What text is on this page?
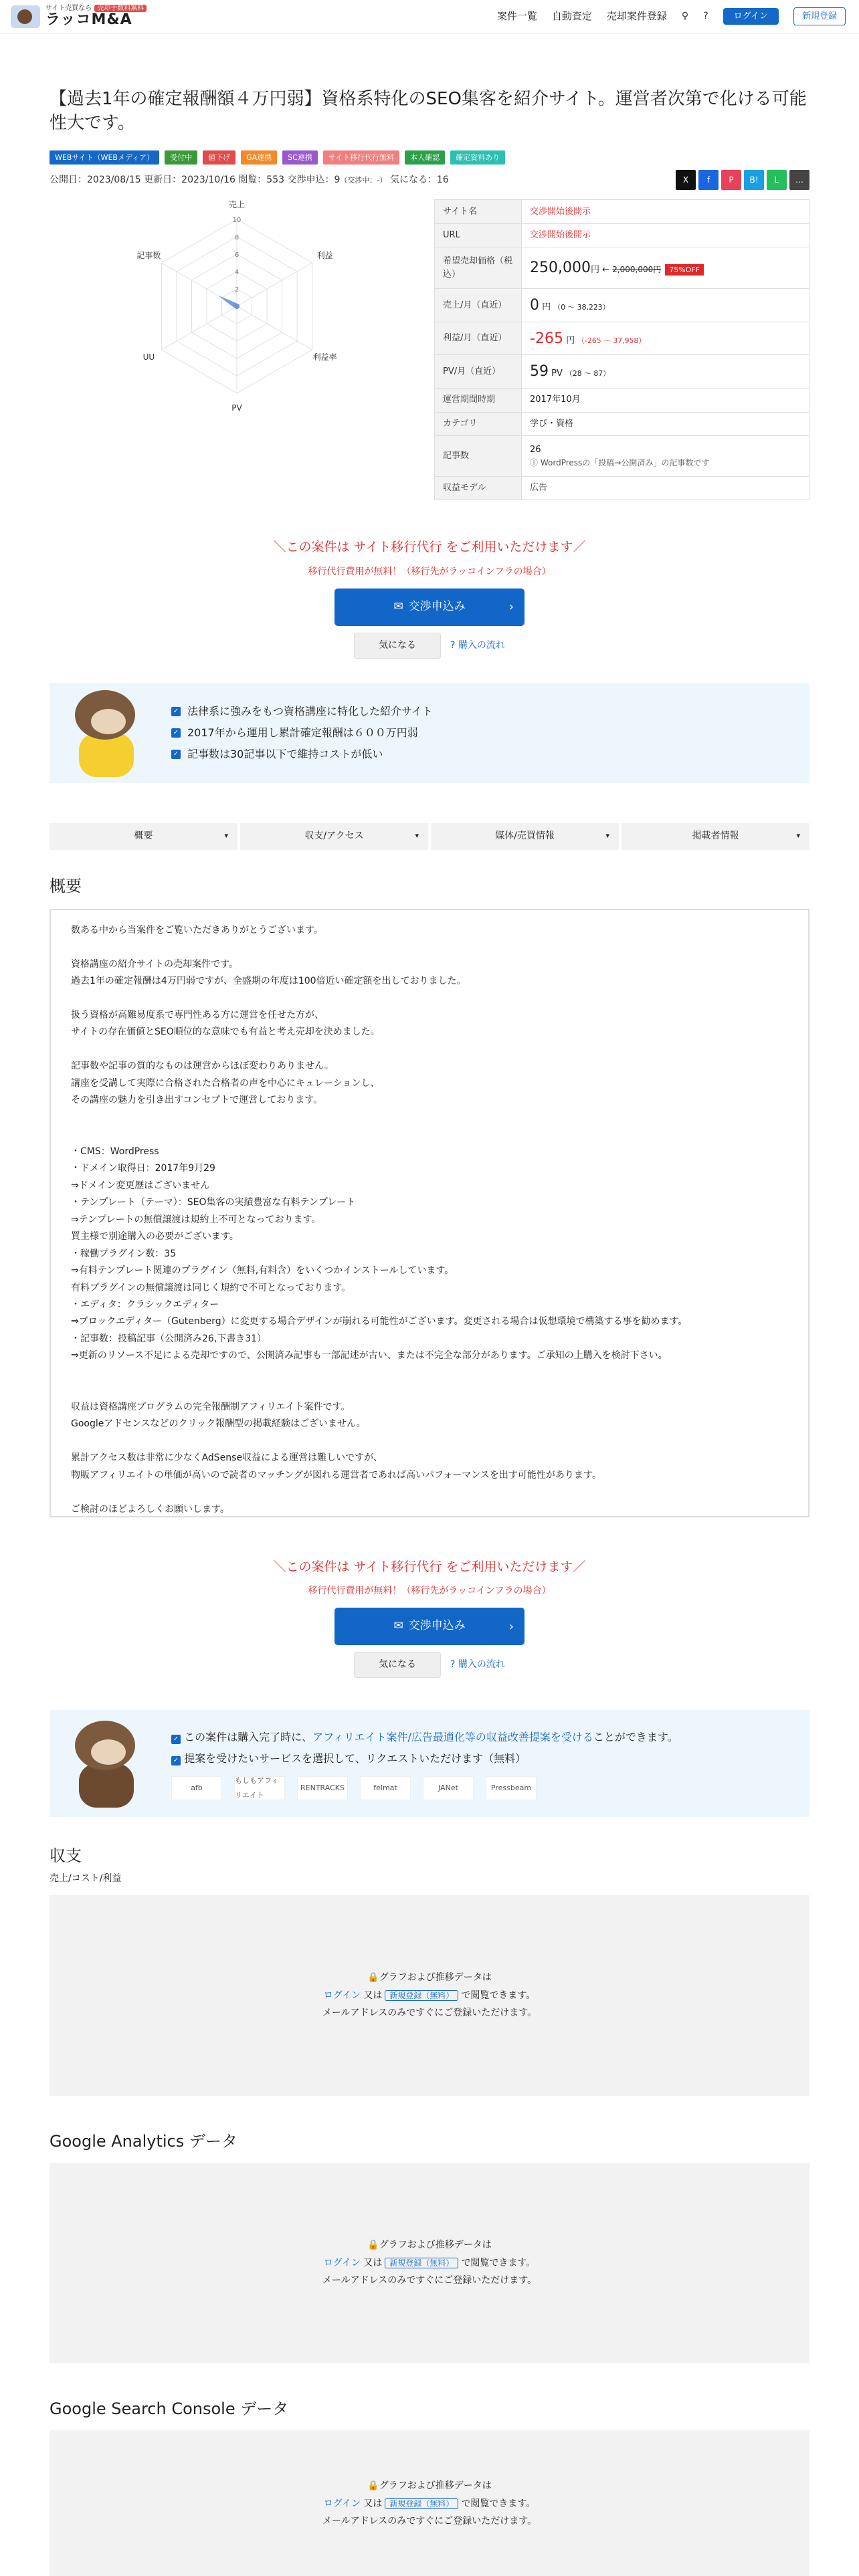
サイト売買なら 売却手数料無料
ラッコM&A	案件一覧 自動査定 売却案件登録 ⚲ ?	ログイン	新規登録
【過去1年の確定報酬額４万円弱】資格系特化のSEO集客を紹介サイト。運営者次第で化ける可能性大です。
WEBサイト（WEBメディア）	受付中	値下げ	GA連携	SC連携	サイト移行代行無料	本人確認	確定資料あり
公開日：2023/08/15 更新日：2023/10/16 閲覧：553 交渉申込：9（交渉中：-） 気になる：16	X	f	P	B!	L	…
売上
利益
利益率
PV
UU
記事数
10
8
6
4
2
サイト名	交渉開始後開示
URL	交渉開始後開示
希望売却価格（税込）	250,000円 ← 2,000,000円 75%OFF
売上/月（直近）	0 円 （0 〜 38,223）
利益/月（直近）	-265 円 （-265 〜 37,958）
PV/月（直近）	59 PV （28 〜 87）
運営期間時期	2017年10月
カテゴリ	学び・資格
記事数	26
ⓘ WordPressの「投稿→公開済み」の記事数です

収益モデル	広告
＼この案件は サイト移行代行 をご利用いただけます／
移行代行費用が無料！（移行先がラッコインフラの場合）
✉ 交渉申込み	›
気になる	? 購入の流れ
✓ 法律系に強みをもつ資格講座に特化した紹介サイト
✓ 2017年から運用し累計確定報酬は６００万円弱
✓ 記事数は30記事以下で維持コストが低い
概要	▾	収支/アクセス	▾	媒体/売買情報	▾	掲載者情報	▾
概要

数ある中から当案件をご覧いただきありがとうございます。

資格講座の紹介サイトの売却案件です。
過去1年の確定報酬は4万円弱ですが、全盛期の年度は100倍近い確定額を出しておりました。

扱う資格が高難易度系で専門性ある方に運営を任せた方が、
サイトの存在価値とSEO順位的な意味でも有益と考え売却を決めました。

記事数や記事の質的なものは運営からほぼ変わりありません。
講座を受講して実際に合格された合格者の声を中心にキュレーションし、
その講座の魅力を引き出すコンセプトで運営しております。

・CMS：WordPress
・ドメイン取得日：2017年9月29
⇒ドメイン変更歴はございません
・テンプレート（テーマ）：SEO集客の実績豊富な有料テンプレート
⇒テンプレートの無償譲渡は規約上不可となっております。
買主様で別途購入の必要がございます。
・稼働プラグイン数：35
⇒有料テンプレート関連のプラグイン（無料,有料含）をいくつかインストールしています。
有料プラグインの無償譲渡は同じく規約で不可となっております。
・エディタ：クラシックエディター
⇒ブロックエディター（Gutenberg）に変更する場合デザインが崩れる可能性がございます。変更される場合は仮想環境で構築する事を勧めます。
・記事数：投稿記事（公開済み26,下書き31）
⇒更新のリソース不足による売却ですので、公開済み記事も一部記述が古い、または不完全な部分があります。ご承知の上購入を検討下さい。

収益は資格講座プログラムの完全報酬制アフィリエイト案件です。
Googleアドセンスなどのクリック報酬型の掲載経験はございません。

累計アクセス数は非常に少なくAdSense収益による運営は難しいですが、
物販アフィリエイトの単価が高いので読者のマッチングが図れる運営者であれば高いパフォーマンスを出す可能性があります。

ご検討のほどよろしくお願いします。

＼この案件は サイト移行代行 をご利用いただけます／
移行代行費用が無料！（移行先がラッコインフラの場合）
✉ 交渉申込み	›
気になる	? 購入の流れ
✓ この案件は購入完了時に、アフィリエイト案件/広告最適化等の収益改善提案を受けることができます。
✓ 提案を受けたいサービスを選択して、リクエストいただけます（無料）
afb
もしもアフィリエイト
RENTRACKS	felmat	JANet	Pressbeam
収支
売上/コスト/利益
🔒グラフおよび推移データは
ログイン 又は 新規登録（無料） で閲覧できます。
メールアドレスのみですぐにご登録いただけます。
Google Analytics データ
🔒グラフおよび推移データは
ログイン 又は 新規登録（無料） で閲覧できます。
メールアドレスのみですぐにご登録いただけます。
Google Search Console データ
🔒グラフおよび推移データは
ログイン 又は 新規登録（無料） で閲覧できます。
メールアドレスのみですぐにご登録いただけます。
